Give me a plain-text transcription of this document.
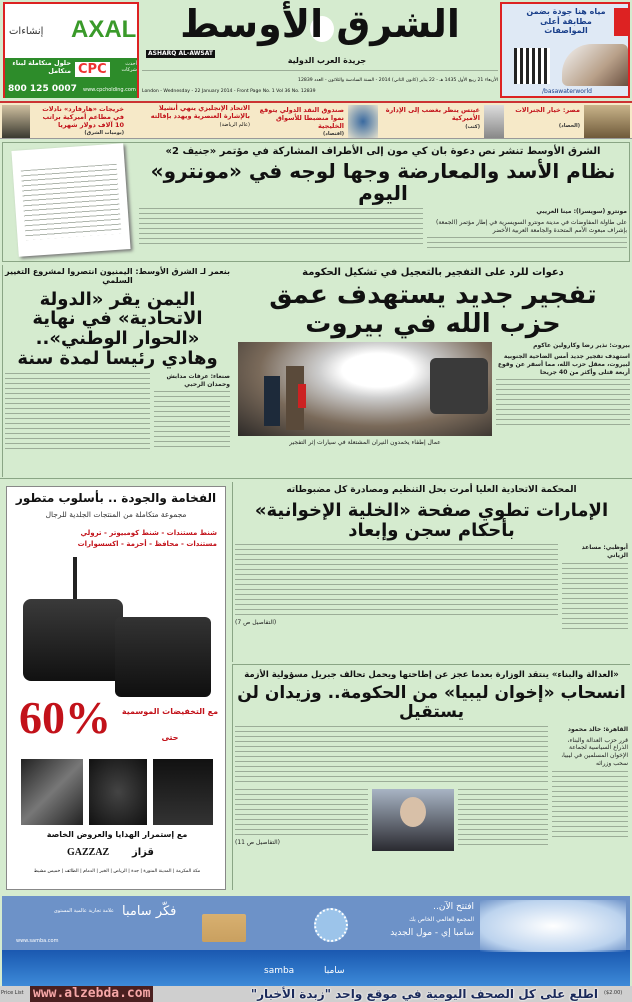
إنشاءات AXAL
CPC
حلول متكاملة لبناء متكامل
أحدث شركات
800 125 0007 www.cpcholding.com
الشرق الأوسط
ASHARQ AL-AWSAT
جريدة العرب الدولية
الأربعاء 21 ربيع الأول 1435 هـ - 22 يناير (كانون الثاني) 2014 - السنة السادسة والثلاثون - العدد 12839
London - Wednesday - 22 January 2014 - Front Page No. 1 Vol 36 No. 12839
مياه هنا جودة بضمن مطابقة أعلى المواصفات
/basawaterworld
مصر: خيار الجنرالات
(الحصاد)
غيتس ينظر بغضب إلى الإدارة الأميركية
(كتب)
صندوق النقد الدولي يتوقع نموا منضبطا للأسواق الخليجية
(اقتصاد)
الاتحاد الإنجليزي ينهي أنشيلا بالإشارة العنصرية ويهدد بإقالته
(عالم الرياضة)
خريجات «هارفارد» نادلات في مطاعم أميركية براتب 10 آلاف دولار شهريا
(يوميات الشرق)
الشرق الأوسط تنشر نص دعوة بان كي مون إلى الأطراف المشاركة في مؤتمر «جنيف 2»
نظام الأسد والمعارضة وجها لوجه في «مونترو» اليوم
مونترو (سويسرا): مينا العريبي
على طاولة المفاوضات في مدينة مونترو السويسرية في إطار مؤتمر (الجمعة) بإشراف مبعوث الأمم المتحدة والجامعة العربية الأخضر
دعوات للرد على التفجير بالتعجيل في تشكيل الحكومة
تفجير جديد يستهدف عمق حزب الله في بيروت
بيروت: نذير رضا وكارولين عاكوم
استهدف تفجير جديد أمس الضاحية الجنوبية لبيروت، معقل حزب الله، مما أسفر عن وقوع أربعة قتلى وأكثر من 40 جريحا
عمال إطفاء يخمدون النيران المشتعلة في سيارات إثر التفجير
بنعمر لـ الشرق الأوسط: اليمنيون انتصروا لمشروع التغيير السلمي
اليمن يقر «الدولة الاتحادية» في نهاية «الحوار الوطني».. وهادي رئيسا لمدة سنة
صنعاء: عرفات مدابش وحمدان الرحبي
الفخامة والجودة .. بأسلوب متطور
مجموعة متكاملة من المنتجات الجلدية للرجال
شنط مستندات - شنط كومبيوتر - ترولي
مستندات - محافظ - أحزمة - اكسسوارات
60%	مع التخفيضات الموسمية
حتى
مع إستمرار الهدايا والعروض الخاصة
GAZZAZ قزاز
مكة المكرمة | المدينة المنورة | جدة | الرياض | الخبر | الدمام | الطائف | خميس مشيط
المحكمة الاتحادية العليا أمرت بحل التنظيم ومصادرة كل مضبوطاته
الإمارات تطوي صفحة «الخلية الإخوانية» بأحكام سجن وإبعاد
أبوظبي: مساعد الزياني
(التفاصيل ص 7)
«العدالة والبناء» ينتقد الوزارة بعدما عجز عن إطاحتها ويحمل تحالف جبريل مسؤولية الأزمة
انسحاب «إخوان ليبيا» من الحكومة.. وزيدان لن يستقيل
القاهرة: خالد محمود
قرر حزب العدالة والبناء، الذراع السياسية لجماعة الإخوان المسلمين في ليبيا، سحب وزرائه
(التفاصيل ص 11)
افتتح الآن..
المجمع العالمي الخاص بك
سامبا إي - مول الجديد
فكّر سامبا
علامة تجارية عالمية المستوى
www.samba.com
samba	سامبا
Price List www.alzebda.com	اطلع على كل الصحف اليومية في موقع واحد "زبدة الأخبار" ($2.00)
